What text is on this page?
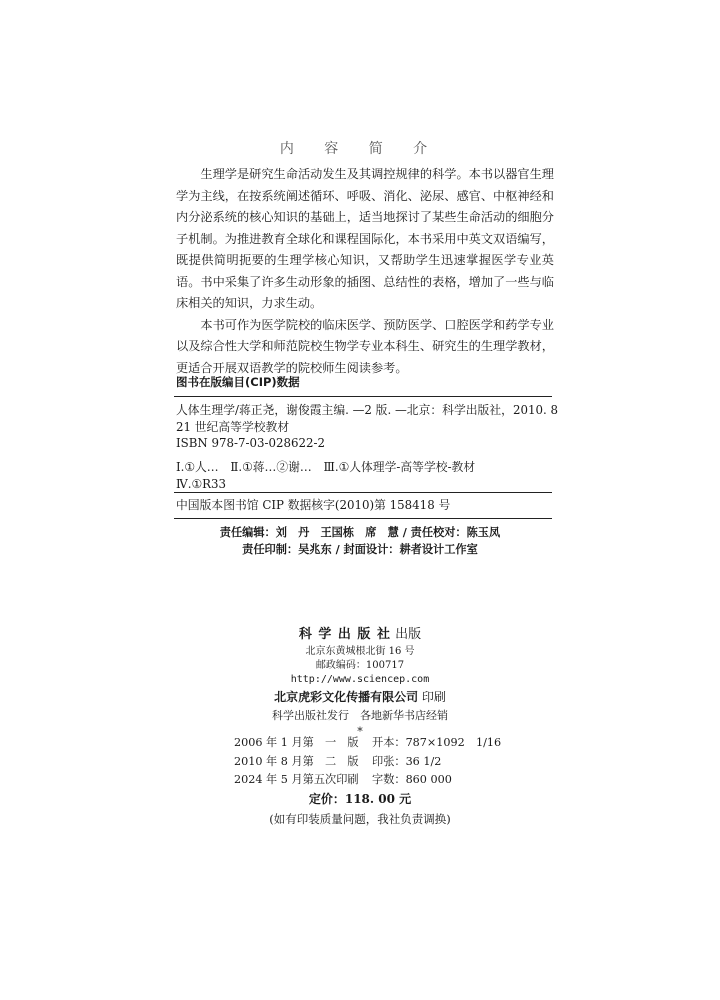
内 容 简 介

生理学是研究生命活动发生及其调控规律的科学。本书以器官生理学为主线，在按系统阐述循环、呼吸、消化、泌尿、感官、中枢神经和内分泌系统的核心知识的基础上，适当地探讨了某些生命活动的细胞分子机制。为推进教育全球化和课程国际化，本书采用中英文双语编写，既提供简明扼要的生理学核心知识，又帮助学生迅速掌握医学专业英语。书中采集了许多生动形象的插图、总结性的表格，增加了一些与临床相关的知识，力求生动。

本书可作为医学院校的临床医学、预防医学、口腔医学和药学专业以及综合性大学和师范院校生物学专业本科生、研究生的生理学教材，更适合开展双语教学的院校师生阅读参考。

图书在版编目(CIP)数据
人体生理学/蒋正尧，谢俊霞主编. —2 版. —北京：科学出版社，2010. 8
21 世纪高等学校教材
ISBN 978-7-03-028622-2
Ⅰ.①人…　Ⅱ.①蒋…②谢…　Ⅲ.①人体理学-高等学校-教材
Ⅳ.①R33
中国版本图书馆 CIP 数据核字(2010)第 158418 号
责任编辑：刘　丹　王国栋　席　慧 / 责任校对：陈玉凤
责任印制：吴兆东 / 封面设计：耕者设计工作室
科 学 出 版 社 出版
北京东黄城根北街 16 号
邮政编码：100717
http://www.sciencep.com
北京虎彩文化传播有限公司 印刷
科学出版社发行　各地新华书店经销
*
2006 年 1 月第　一　版 开本：787×1092　1/16
2010 年 8 月第　二　版 印张：36 1/2
2024 年 5 月第五次印刷 字数：860 000
定价：118. 00 元
(如有印装质量问题，我社负责调换)
